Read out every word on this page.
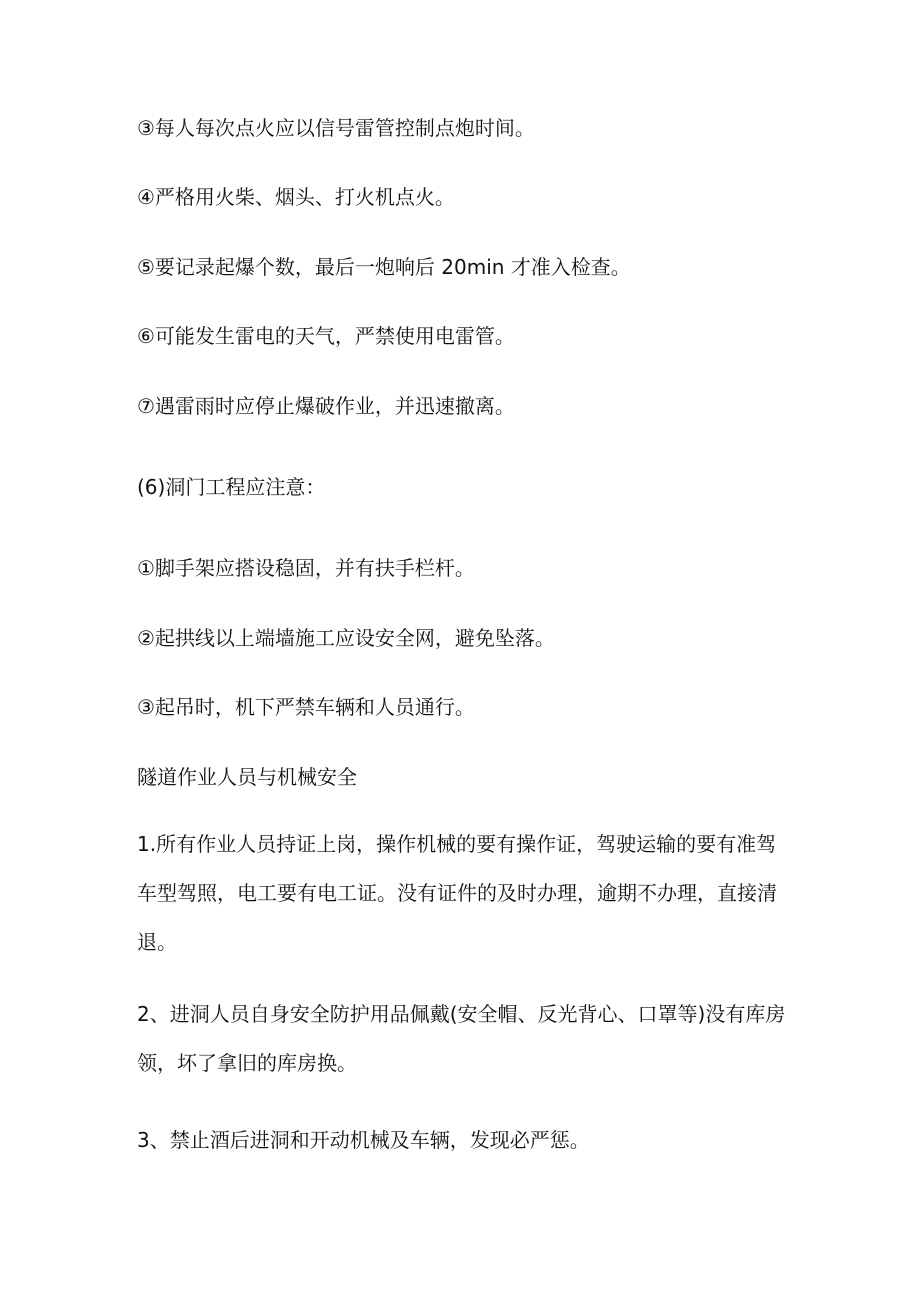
③每人每次点火应以信号雷管控制点炮时间。
④严格用火柴、烟头、打火机点火。
⑤要记录起爆个数，最后一炮响后 20min 才准入检查。
⑥可能发生雷电的天气，严禁使用电雷管。
⑦遇雷雨时应停止爆破作业，并迅速撤离。
(6)洞门工程应注意：
①脚手架应搭设稳固，并有扶手栏杆。
②起拱线以上端墙施工应设安全网，避免坠落。
③起吊时，机下严禁车辆和人员通行。
隧道作业人员与机械安全
1.所有作业人员持证上岗，操作机械的要有操作证，驾驶运输的要有准驾车型驾照，电工要有电工证。没有证件的及时办理，逾期不办理，直接清退。
2、进洞人员自身安全防护用品佩戴(安全帽、反光背心、口罩等)没有库房领，坏了拿旧的库房换。
3、禁止酒后进洞和开动机械及车辆，发现必严惩。
